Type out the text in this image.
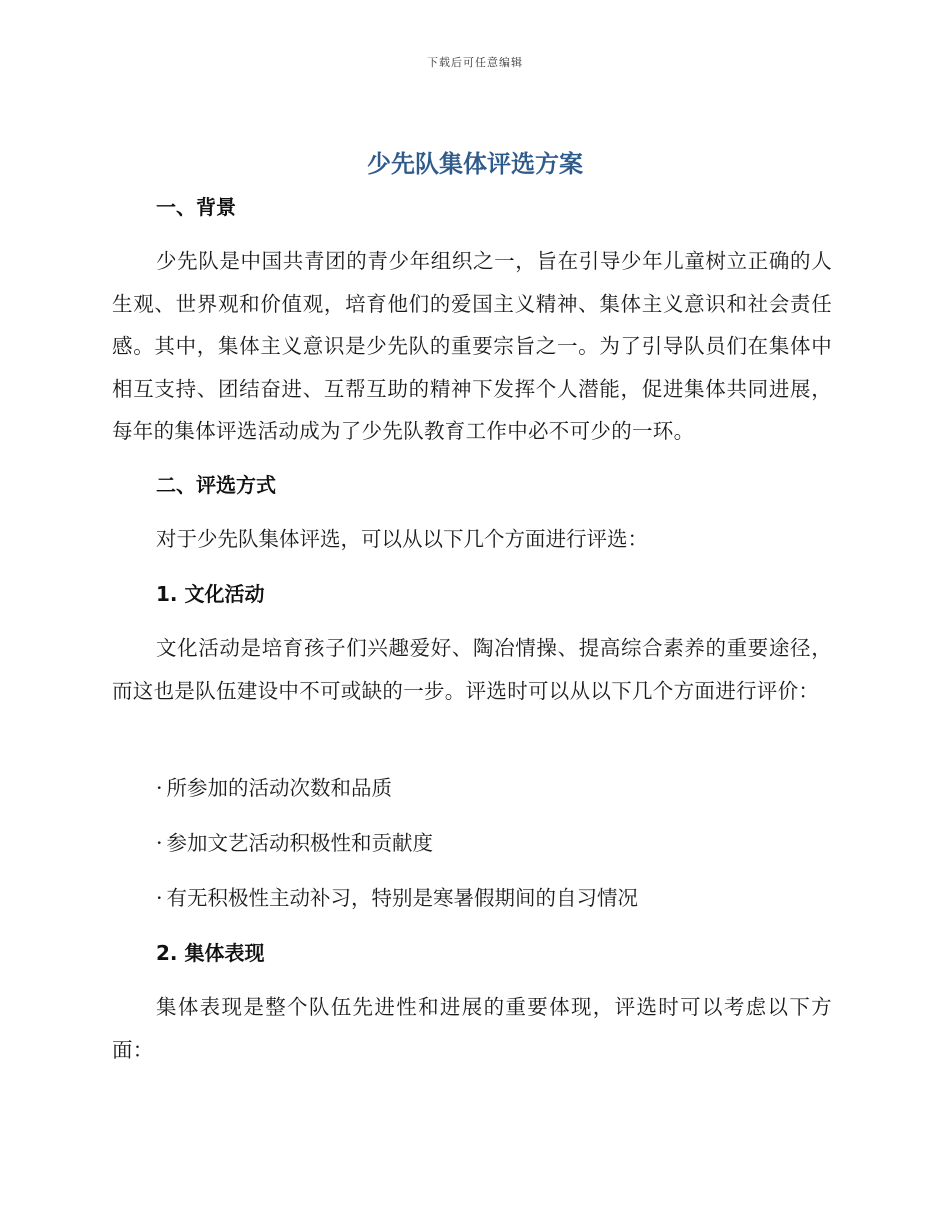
下载后可任意编辑
少先队集体评选方案
一、背景
少先队是中国共青团的青少年组织之一，旨在引导少年儿童树立正确的人生观、世界观和价值观，培育他们的爱国主义精神、集体主义意识和社会责任感。其中，集体主义意识是少先队的重要宗旨之一。为了引导队员们在集体中相互支持、团结奋进、互帮互助的精神下发挥个人潜能，促进集体共同进展，每年的集体评选活动成为了少先队教育工作中必不可少的一环。
二、评选方式
对于少先队集体评选，可以从以下几个方面进行评选：
1. 文化活动
文化活动是培育孩子们兴趣爱好、陶冶情操、提高综合素养的重要途径，而这也是队伍建设中不可或缺的一步。评选时可以从以下几个方面进行评价：
· 所参加的活动次数和品质
· 参加文艺活动积极性和贡献度
· 有无积极性主动补习，特别是寒暑假期间的自习情况
2. 集体表现
集体表现是整个队伍先进性和进展的重要体现，评选时可以考虑以下方面：
